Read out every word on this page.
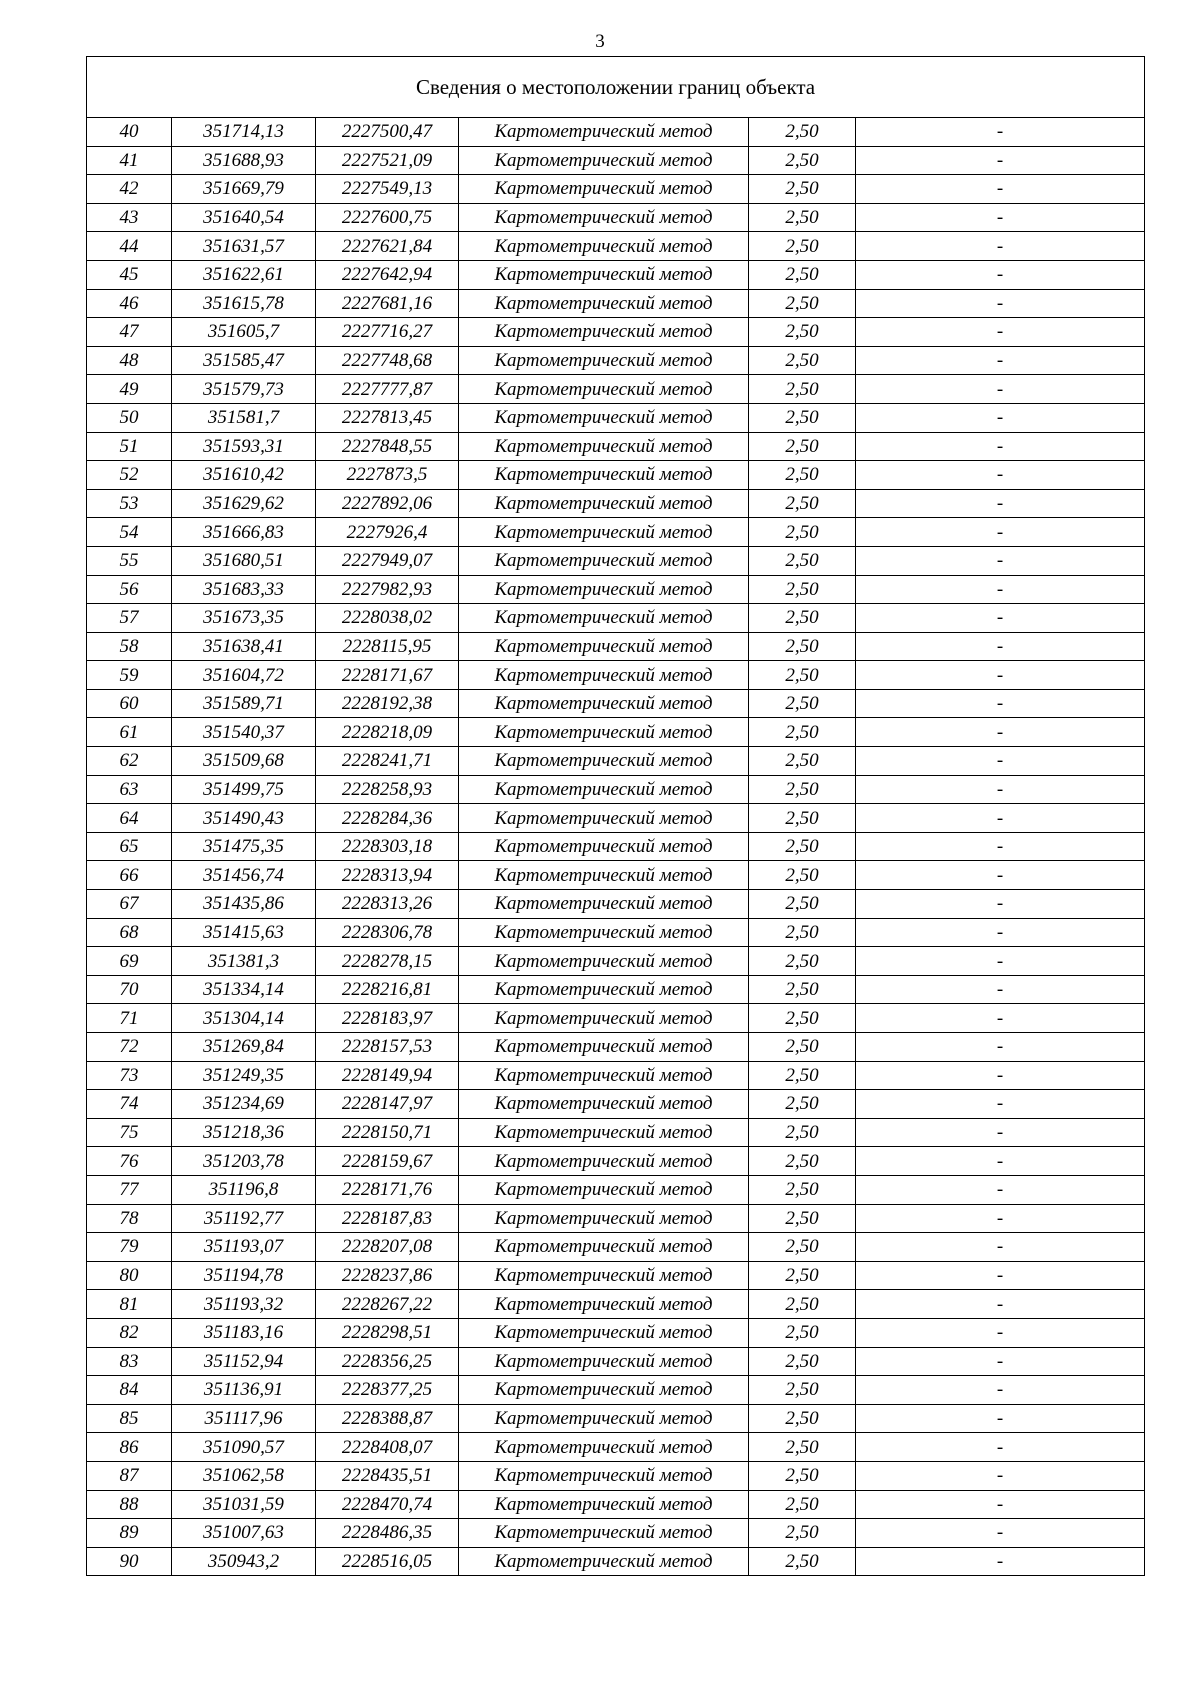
3
Сведения о местоположении границ объекта					
40	351714,13	2227500,47	Картометрический метод	2,50	-
41	351688,93	2227521,09	Картометрический метод	2,50	-
42	351669,79	2227549,13	Картометрический метод	2,50	-
43	351640,54	2227600,75	Картометрический метод	2,50	-
44	351631,57	2227621,84	Картометрический метод	2,50	-
45	351622,61	2227642,94	Картометрический метод	2,50	-
46	351615,78	2227681,16	Картометрический метод	2,50	-
47	351605,7	2227716,27	Картометрический метод	2,50	-
48	351585,47	2227748,68	Картометрический метод	2,50	-
49	351579,73	2227777,87	Картометрический метод	2,50	-
50	351581,7	2227813,45	Картометрический метод	2,50	-
51	351593,31	2227848,55	Картометрический метод	2,50	-
52	351610,42	2227873,5	Картометрический метод	2,50	-
53	351629,62	2227892,06	Картометрический метод	2,50	-
54	351666,83	2227926,4	Картометрический метод	2,50	-
55	351680,51	2227949,07	Картометрический метод	2,50	-
56	351683,33	2227982,93	Картометрический метод	2,50	-
57	351673,35	2228038,02	Картометрический метод	2,50	-
58	351638,41	2228115,95	Картометрический метод	2,50	-
59	351604,72	2228171,67	Картометрический метод	2,50	-
60	351589,71	2228192,38	Картометрический метод	2,50	-
61	351540,37	2228218,09	Картометрический метод	2,50	-
62	351509,68	2228241,71	Картометрический метод	2,50	-
63	351499,75	2228258,93	Картометрический метод	2,50	-
64	351490,43	2228284,36	Картометрический метод	2,50	-
65	351475,35	2228303,18	Картометрический метод	2,50	-
66	351456,74	2228313,94	Картометрический метод	2,50	-
67	351435,86	2228313,26	Картометрический метод	2,50	-
68	351415,63	2228306,78	Картометрический метод	2,50	-
69	351381,3	2228278,15	Картометрический метод	2,50	-
70	351334,14	2228216,81	Картометрический метод	2,50	-
71	351304,14	2228183,97	Картометрический метод	2,50	-
72	351269,84	2228157,53	Картометрический метод	2,50	-
73	351249,35	2228149,94	Картометрический метод	2,50	-
74	351234,69	2228147,97	Картометрический метод	2,50	-
75	351218,36	2228150,71	Картометрический метод	2,50	-
76	351203,78	2228159,67	Картометрический метод	2,50	-
77	351196,8	2228171,76	Картометрический метод	2,50	-
78	351192,77	2228187,83	Картометрический метод	2,50	-
79	351193,07	2228207,08	Картометрический метод	2,50	-
80	351194,78	2228237,86	Картометрический метод	2,50	-
81	351193,32	2228267,22	Картометрический метод	2,50	-
82	351183,16	2228298,51	Картометрический метод	2,50	-
83	351152,94	2228356,25	Картометрический метод	2,50	-
84	351136,91	2228377,25	Картометрический метод	2,50	-
85	351117,96	2228388,87	Картометрический метод	2,50	-
86	351090,57	2228408,07	Картометрический метод	2,50	-
87	351062,58	2228435,51	Картометрический метод	2,50	-
88	351031,59	2228470,74	Картометрический метод	2,50	-
89	351007,63	2228486,35	Картометрический метод	2,50	-
90	350943,2	2228516,05	Картометрический метод	2,50	-
